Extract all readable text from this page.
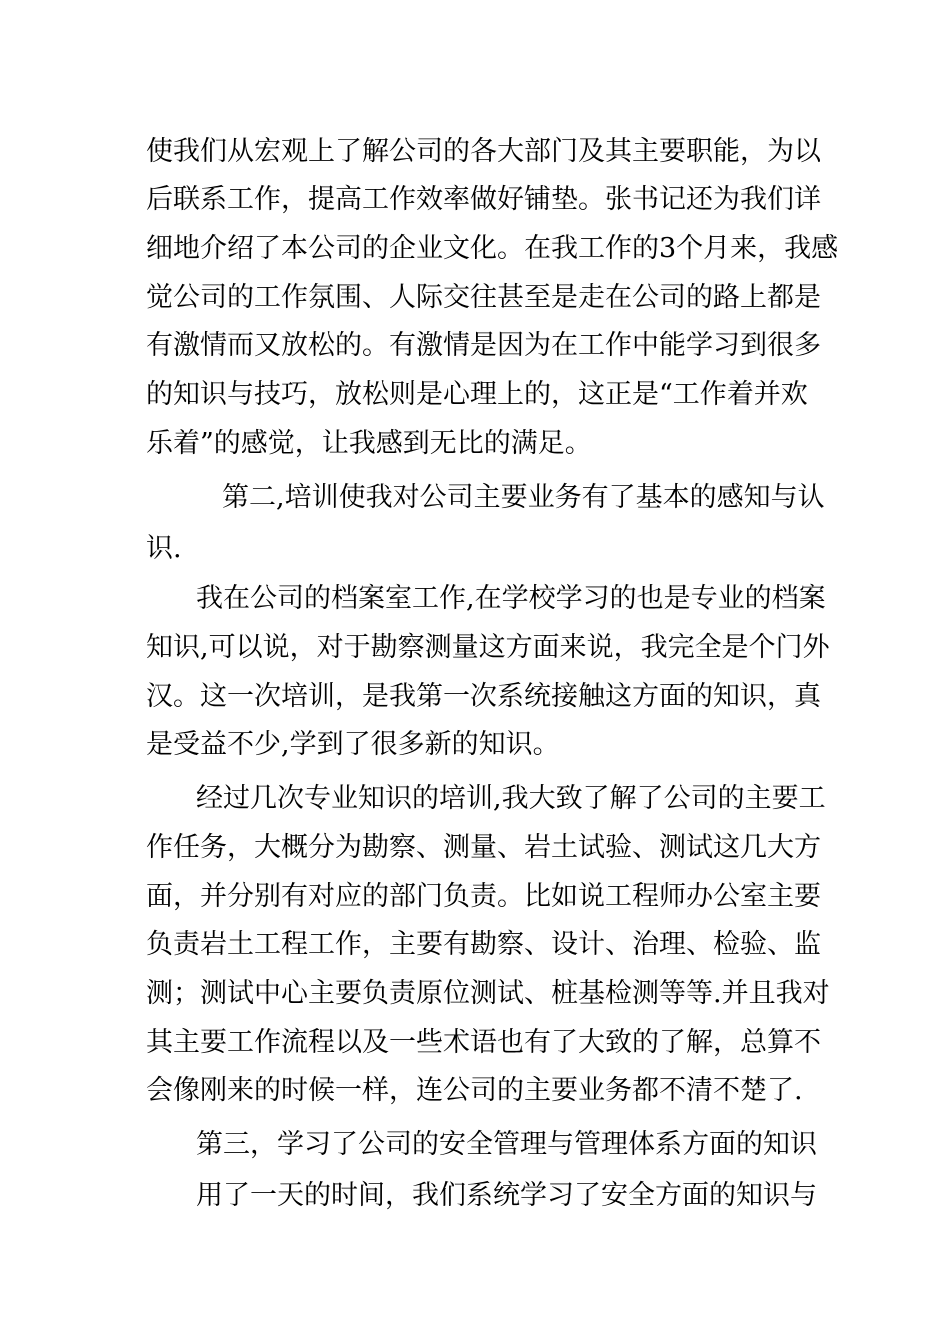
使我们从宏观上了解公司的各大部门及其主要职能，为以

后联系工作，提高工作效率做好铺垫。张书记还为我们详

细地介绍了本公司的企业文化。在我工作的3个月来，我感

觉公司的工作氛围、人际交往甚至是走在公司的路上都是

有激情而又放松的。有激情是因为在工作中能学习到很多

的知识与技巧，放松则是心理上的，这正是“工作着并欢

乐着”的感觉，让我感到无比的满足。

第二,培训使我对公司主要业务有了基本的感知与认

识.

我在公司的档案室工作,在学校学习的也是专业的档案

知识,可以说，对于勘察测量这方面来说，我完全是个门外

汉。这一次培训，是我第一次系统接触这方面的知识，真

是受益不少,学到了很多新的知识。

经过几次专业知识的培训,我大致了解了公司的主要工

作任务，大概分为勘察、测量、岩土试验、测试这几大方

面，并分别有对应的部门负责。比如说工程师办公室主要

负责岩土工程工作，主要有勘察、设计、治理、检验、监

测；测试中心主要负责原位测试、桩基检测等等.并且我对

其主要工作流程以及一些术语也有了大致的了解，总算不

会像刚来的时候一样，连公司的主要业务都不清不楚了.

第三，学习了公司的安全管理与管理体系方面的知识

用了一天的时间，我们系统学习了安全方面的知识与
